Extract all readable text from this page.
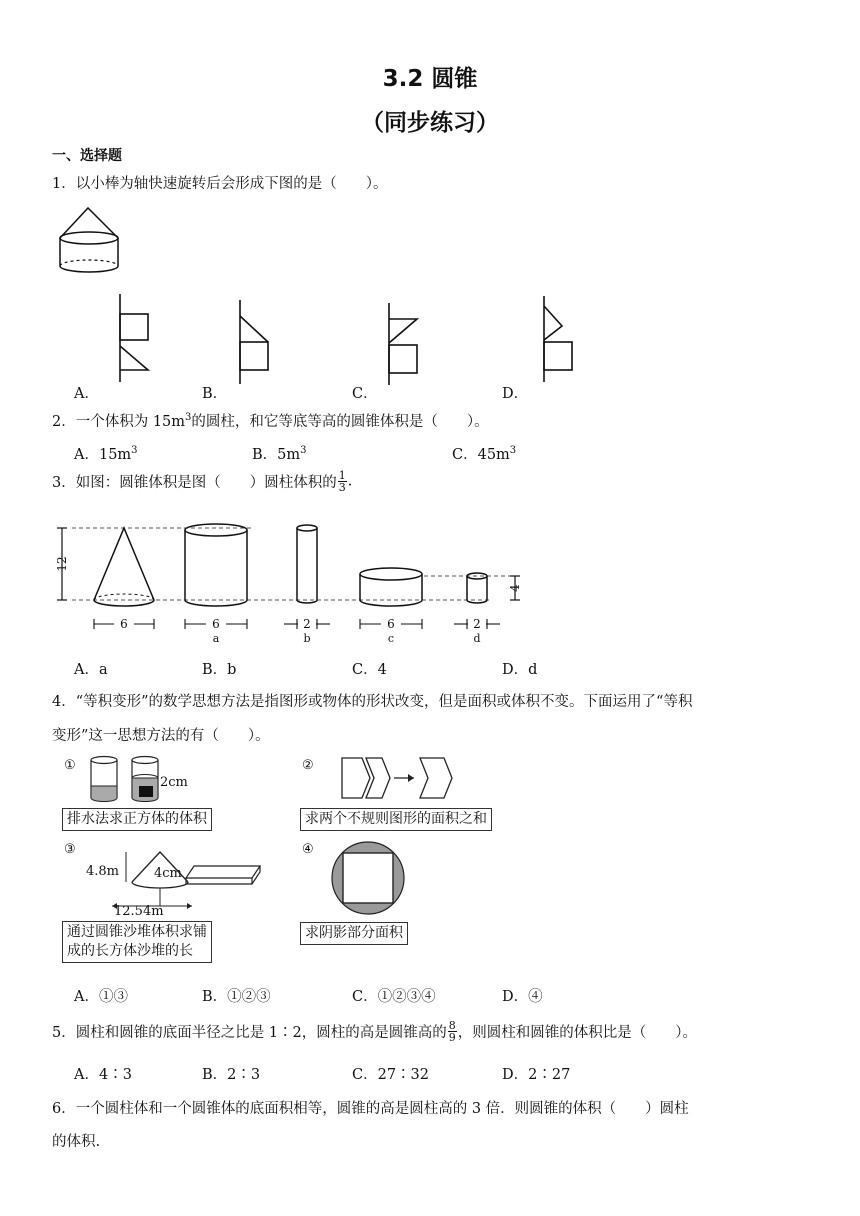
3.2 圆锥
（同步练习）
一、选择题
1．以小棒为轴快速旋转后会形成下图的是（　　）。
A．	B．	C．	D．
2．一个体积为 $15m^3$的圆柱，和它等底等高的圆锥体积是（　　）。
A．$15m^3$	B．$5m^3$	C．$45m^3$
3．如图：圆锥体积是图（　　）圆柱体积的 $\frac{1}{3}$ .
12
4
6	6	2	6	2
a	b	c	d
A．a	B．b	C．4	D．d
4．“等积变形”的数学思想方法是指图形或物体的形状改变，但是面积或体积不变。下面运用了“等积
变形”这一思想方法的有（　　）。
①
2cm
排水法求正方体的体积
②
求两个不规则图形的面积之和
③
4.8m	4cm
12.54m
通过圆锥沙堆体积求铺
成的长方体沙堆的长
④
求阴影部分面积
A．①③	B．①②③	C．①②③④	D．④
5．圆柱和圆锥的底面半径之比是 1∶2，圆柱的高是圆锥高的 $\frac{8}{9}$ ，则圆柱和圆锥的体积比是（　　）。
A．4∶3	B．2∶3	C．27∶32	D．2∶27
6．一个圆柱体和一个圆锥体的底面积相等，圆锥的高是圆柱高的 3 倍．则圆锥的体积（　　）圆柱
的体积.
